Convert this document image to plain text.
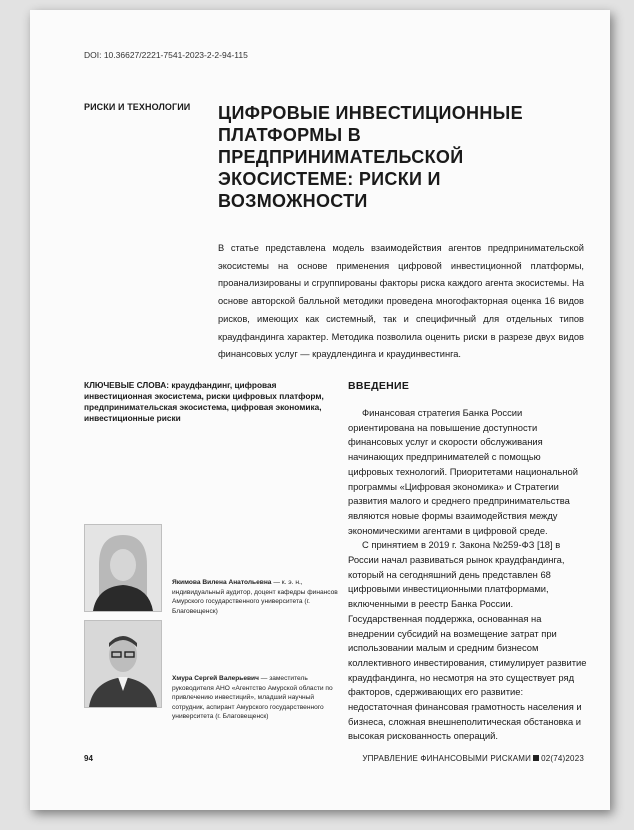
DOI: 10.36627/2221-7541-2023-2-2-94-115
РИСКИ И ТЕХНОЛОГИИ ЦИФРОВЫЕ ИНВЕСТИЦИОННЫЕ ПЛАТФОРМЫ В ПРЕДПРИНИМАТЕЛЬСКОЙ ЭКОСИСТЕМЕ: РИСКИ И ВОЗМОЖНОСТИ
В статье представлена модель взаимодействия агентов предпринимательской экосистемы на основе применения цифровой инвестиционной платформы, проанализированы и сгруппированы факторы риска каждого агента экосистемы. На основе авторской балльной методики проведена многофакторная оценка 16 видов рисков, имеющих как системный, так и специфичный для отдельных типов краудфандинга характер. Методика позволила оценить риски в разрезе двух видов финансовых услуг — краудлендинга и краудинвестинга.
КЛЮЧЕВЫЕ СЛОВА: краудфандинг, цифровая инвестиционная экосистема, риски цифровых платформ, предпринимательская экосистема, цифровая экономика, инвестиционные риски
ВВЕДЕНИЕ

Финансовая стратегия Банка России ориентирована на повышение доступности финансовых услуг и скорости обслуживания начинающих предпринимателей с помощью цифровых технологий. Приоритетами национальной программы «Цифровая экономика» и Стратегии развития малого и среднего предпринимательства являются новые формы взаимодействия между экономическими агентами в цифровой среде.

С принятием в 2019 г. Закона №259-ФЗ [18] в России начал развиваться рынок краудфандинга, который на сегодняшний день представлен 68 цифровыми инвестиционными платформами, включенными в реестр Банка России. Государственная поддержка, основанная на внедрении субсидий на возмещение затрат при использовании малым и средним бизнесом коллективного инвестирования, стимулирует развитие краудфандинга, но несмотря на это существует ряд факторов, сдерживающих его развитие: недостаточная финансовая грамотность населения и бизнеса, сложная внешнеполитическая обстановка и высокая рискованность операций.

Якимова Вилена Анатольевна — к. э. н., индивидуальный аудитор, доцент кафедры финансов Амурского государственного университета (г. Благовещенск)
Хмура Сергей Валерьевич — заместитель руководителя АНО «Агентство Амурской области по привлечению инвестиций», младший научный сотрудник, аспирант Амурского государственного университета (г. Благовещенск)
94	УПРАВЛЕНИЕ ФИНАНСОВЫМИ РИСКАМИ 02(74)2023
